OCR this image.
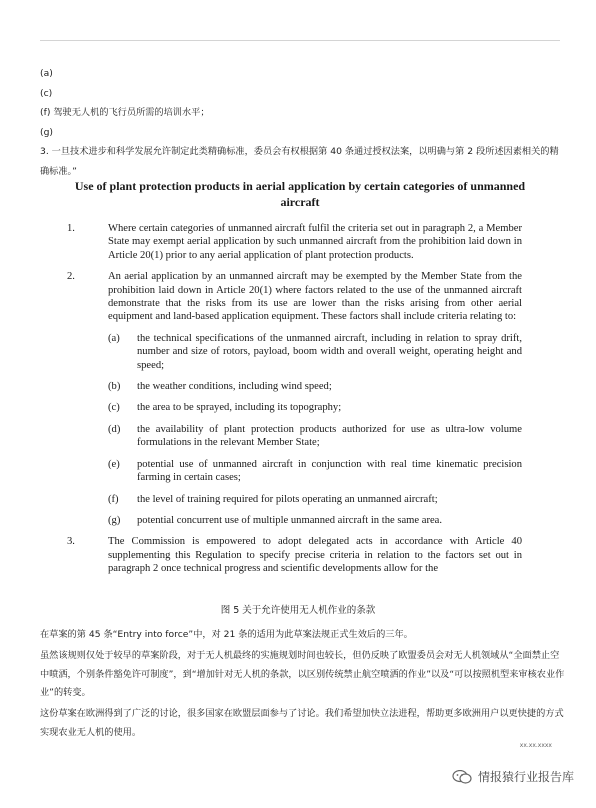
(a)
(c)
(f) 驾驶无人机的飞行员所需的培训水平；
(g)
3. 一旦技术进步和科学发展允许制定此类精确标准，委员会有权根据第 40 条通过授权法案，以明确与第 2 段所述因素相关的精确标准。”
Use of plant protection products in aerial application by certain categories of unmanned aircraft
1.	Where certain categories of unmanned aircraft fulfil the criteria set out in paragraph 2, a Member State may exempt aerial application by such unmanned aircraft from the prohibition laid down in Article 20(1) prior to any aerial application of plant protection products.
2.	An aerial application by an unmanned aircraft may be exempted by the Member State from the prohibition laid down in Article 20(1) where factors related to the use of the unmanned aircraft demonstrate that the risks from its use are lower than the risks arising from other aerial equipment and land-based application equipment. These factors shall include criteria relating to:
(a)	the technical specifications of the unmanned aircraft, including in relation to spray drift, number and size of rotors, payload, boom width and overall weight, operating height and speed;
(b)	the weather conditions, including wind speed;
(c)	the area to be sprayed, including its topography;
(d)	the availability of plant protection products authorized for use as ultra-low volume formulations in the relevant Member State;
(e)	potential use of unmanned aircraft in conjunction with real time kinematic precision farming in certain cases;
(f)	the level of training required for pilots operating an unmanned aircraft;
(g)	potential concurrent use of multiple unmanned aircraft in the same area.
3.	The Commission is empowered to adopt delegated acts in accordance with Article 40 supplementing this Regulation to specify precise criteria in relation to the factors set out in paragraph 2 once technical progress and scientific developments allow for the
图 5 关于允许使用无人机作业的条款

在草案的第 45 条“Entry into force”中，对 21 条的适用为此草案法规正式生效后的三年。

虽然该规则仅处于较早的草案阶段，对于无人机最终的实施规划时间也较长，但仍反映了欧盟委员会对无人机领域从“全面禁止空中喷洒，个别条件豁免许可制度”，到“增加针对无人机的条款，以区别传统禁止航空喷洒的作业”以及“可以按照机型来审核农业作业”的转变。

这份草案在欧洲得到了广泛的讨论，很多国家在欧盟层面参与了讨论。我们希望加快立法进程，帮助更多欧洲用户以更快捷的方式实现农业无人机的使用。

xx.xx.xxxx
情报猿行业报告库
